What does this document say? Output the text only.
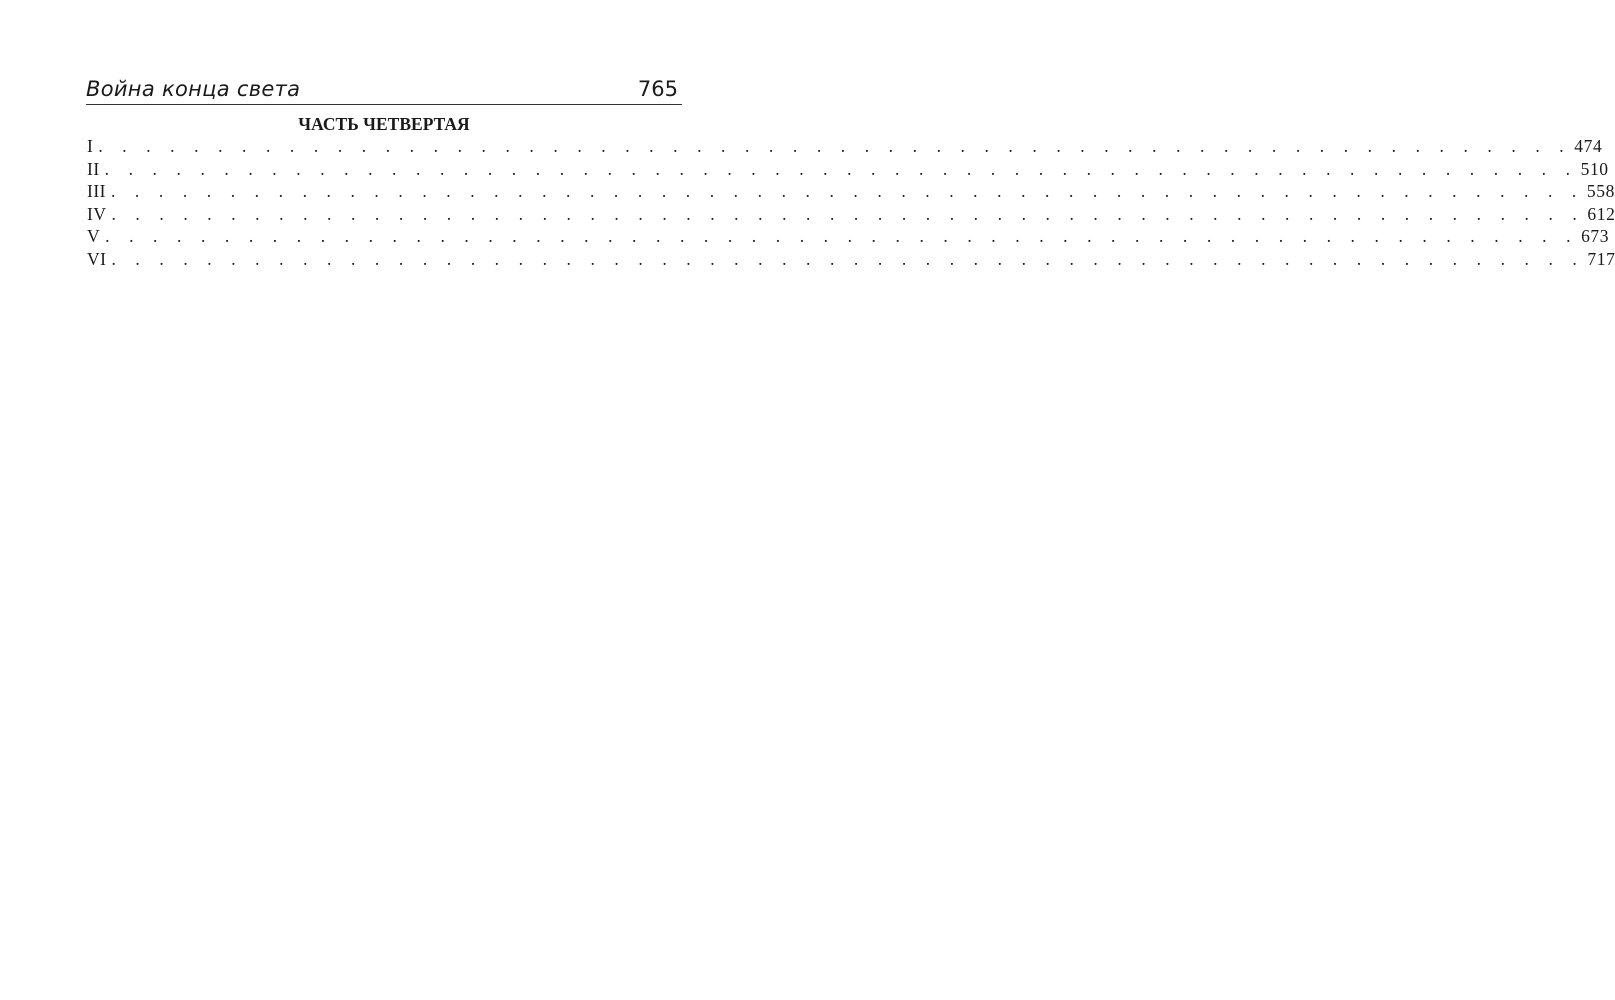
Война конца света	765
ЧАСТЬ ЧЕТВЕРТАЯ
I . . . . . . . . . . . . . . . . . . . . . . . . . . . . . . . . . . . . . . . . . . . . . . . . . . . . . . . . . . . . . . 474
II . . . . . . . . . . . . . . . . . . . . . . . . . . . . . . . . . . . . . . . . . . . . . . . . . . . . . . . . . . . . . . 510
III . . . . . . . . . . . . . . . . . . . . . . . . . . . . . . . . . . . . . . . . . . . . . . . . . . . . . . . . . . . . . . 558
IV . . . . . . . . . . . . . . . . . . . . . . . . . . . . . . . . . . . . . . . . . . . . . . . . . . . . . . . . . . . . . . 612
V . . . . . . . . . . . . . . . . . . . . . . . . . . . . . . . . . . . . . . . . . . . . . . . . . . . . . . . . . . . . . . 673
VI . . . . . . . . . . . . . . . . . . . . . . . . . . . . . . . . . . . . . . . . . . . . . . . . . . . . . . . . . . . . . . 717
